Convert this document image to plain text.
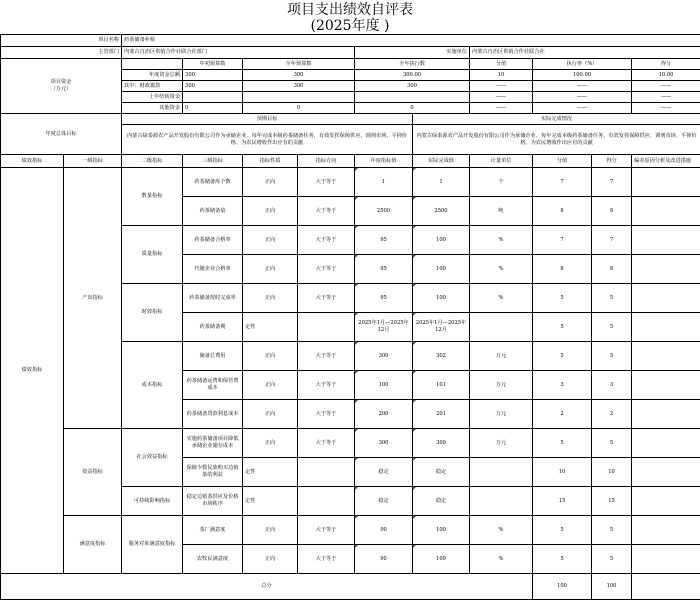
项目支出绩效自评表
(2025年度 )
项目名称		药茶储备补贴									
主管部门		内蒙古自治区供销合作社联合社部门				实施单位		内蒙古自治区供销合作社联合社			
项目资金
（万元）			年初预算数	全年预算数		全年执行数		分值	执行率（%）		得分
		年度资金总额	300	300		300.00		10	100.00		10.00
		其中：财政拨款	300	300		300		——	——		——
		上年结转资金						——	——		——
		其他资金	0	0		0		——	——		——
年度总体目标		预期目标					实际完成情况				
		内蒙古绿泰源农产品开发股份有限公司作为承储企业，每年完成本级药茶储备任务，有效发挥保障供应、调剂市场、平抑价格、为农民增收作出应有的贡献					内蒙古绿泰源农产品开发股份有限公司作为承储企业，每年完成本级药茶储备任务，有效发挥保障供应、调剂市场、平抑价格、为农民增收作出应有的贡献				
绩效指标	一级指标	二级指标	三级指标	指标性质	指标方向	年度指标值	实际完成值	计量单位	分值	得分	偏差原因分析及改进措施
绩效指标	产出指标	数量指标	药茶储备库个数	正向	大于等于	1	1	个	7	7	
			药茶储备量	正向	大于等于	2500	2500	吨	8	8	
		质量指标	药茶储备合格率	正向	大于等于	95	100	%	7	7	
			代储企业合格率	正向	大于等于	95	100	%	8	8	
		时效指标	药茶储备按时完成率	正向	大于等于	95	100	%	5	5	
			药茶储备期	定性		2025年1月—2025年12月	2025年1月—2025年12月		5	5	
		成本指标	储备总费用	正向	大于等于	300	302	万元	5	5	
			药茶储备运费和保管费成本	正向	大于等于	100	101	万元	3	3	
			药茶储备贷款利息成本	正向	大于等于	200	201	万元	2	2	
	效益指标	社会效益指标	实施药茶储备项目降低承储企业储存成本	正向	大于等于	300	300	万元	5	5	
			保障少数民族购买边销茶的利益	定性		稳定	稳定		10	10	
		可持续影响指标	稳定边销茶供应及价格市场秩序	定性		稳定	稳定		15	15	
	满意度指标	服务对象满意度指标	茶厂满意度	正向	大于等于	90	100	%	5	5	
			农牧民满意度	正向	大于等于	90	100	%	5	5	
总分									100	100	
